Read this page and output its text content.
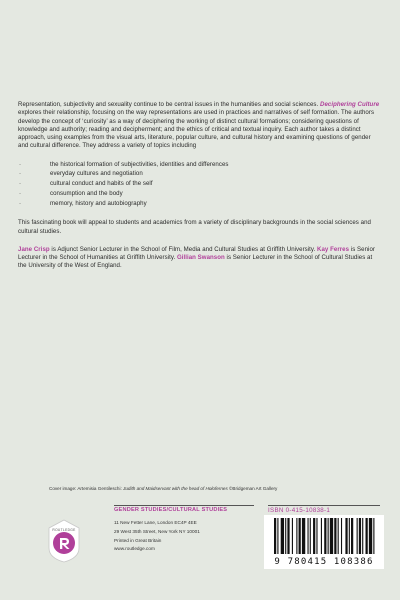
Representation, subjectivity and sexuality continue to be central issues in the humanities and social sciences. Deciphering Culture explores their relationship, focusing on the way representations are used in practices and narratives of self formation. The authors develop the concept of ‘curiosity’ as a way of deciphering the working of distinct cultural formations; considering questions of knowledge and authority; reading and decipherment; and the ethics of critical and textual inquiry. Each author takes a distinct approach, using examples from the visual arts, literature, popular culture, and cultural history and examining questions of gender and cultural difference. They address a variety of topics including

·	the historical formation of subjectivities, identities and differences
·	everyday cultures and negotiation
·	cultural conduct and habits of the self
·	consumption and the body
·	memory, history and autobiography

This fascinating book will appeal to students and academics from a variety of disciplinary backgrounds in the social sciences and cultural studies.

Jane Crisp is Adjunct Senior Lecturer in the School of Film, Media and Cultural Studies at Griffith University. Kay Ferres is Senior Lecturer in the School of Humanities at Griffith University. Gillian Swanson is Senior Lecturer in the School of Cultural Studies at the University of the West of England.

Cover image: Artemisia Gentileschi: Judith and Maidservant with the head of Holofernes ©Bridgeman Art Gallery
GENDER STUDIES/CULTURAL STUDIES	ISBN 0-415-10838-1
11 New Fetter Lane, London EC4P 4EE
29 West 35th Street, New York NY 10001
Printed in Great Britain
www.routledge.com
ROUTLEDGE
9 780415 108386
